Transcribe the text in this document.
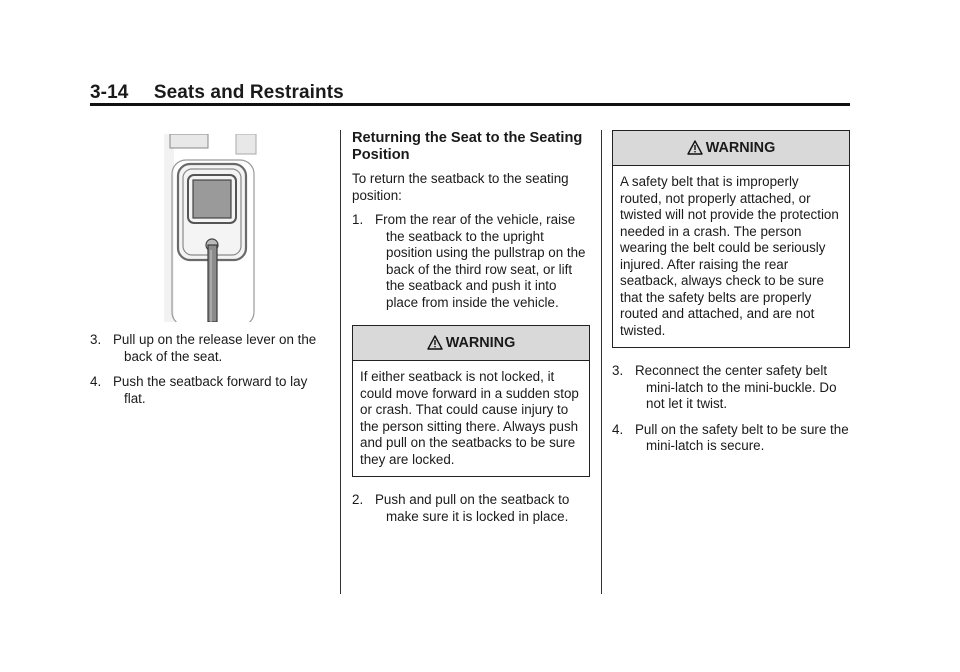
3-14 Seats and Restraints
3. Pull up on the release lever on the back of the seat.
4. Push the seatback forward to lay flat.
Returning the Seat to the Seating Position

To return the seatback to the seating position:

1. From the rear of the vehicle, raise the seatback to the upright position using the pullstrap on the back of the third row seat, or lift the seatback and push it into place from inside the vehicle.
WARNING
If either seatback is not locked, it could move forward in a sudden stop or crash. That could cause injury to the person sitting there. Always push and pull on the seatbacks to be sure they are locked.
2. Push and pull on the seatback to make sure it is locked in place.
WARNING
A safety belt that is improperly routed, not properly attached, or twisted will not provide the protection needed in a crash. The person wearing the belt could be seriously injured. After raising the rear seatback, always check to be sure that the safety belts are properly routed and attached, and are not twisted.
3. Reconnect the center safety belt mini-latch to the mini-buckle. Do not let it twist.
4. Pull on the safety belt to be sure the mini-latch is secure.
